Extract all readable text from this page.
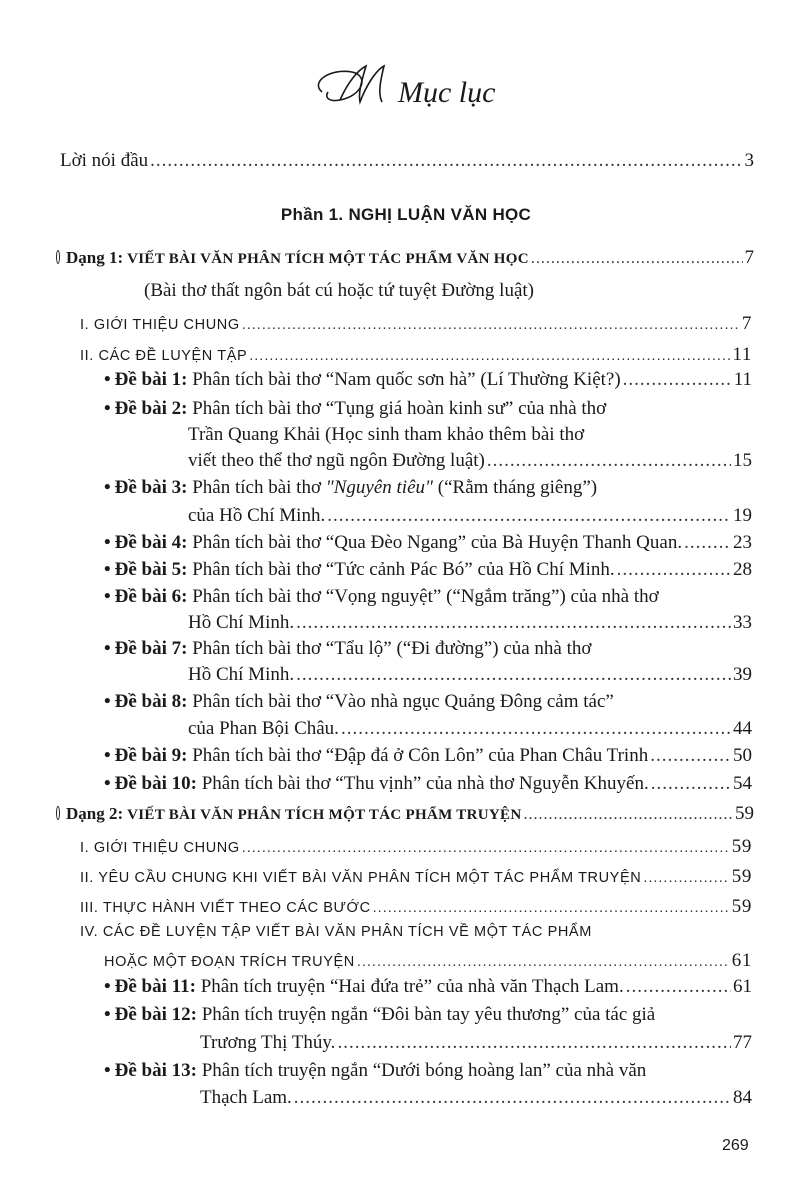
Mục lục
Lời nói đầu .....	3
Phần 1. NGHỊ LUẬN VĂN HỌC
Dạng 1: VIẾT BÀI VĂN PHÂN TÍCH MỘT TÁC PHẨM VĂN HỌC .....	7
(Bài thơ thất ngôn bát cú hoặc tứ tuyệt Đường luật)
I. GIỚI THIỆU CHUNG .....	7
II. CÁC ĐỀ LUYỆN TẬP .....	11
• Đề bài 1:
Phân tích bài thơ “Nam quốc sơn hà” (Lí Thường Kiệt?) .....	11
• Đề bài 2: Phân tích bài thơ “Tụng giá hoàn kinh sư” của nhà thơ
Trần Quang Khải (Học sinh tham khảo thêm bài thơ
viết theo thể thơ ngũ ngôn Đường luật) .....	15
• Đề bài 3: Phân tích bài thơ "Nguyên tiêu" (“Rằm tháng giêng”)
của Hồ Chí Minh. .....	19
• Đề bài 4:
Phân tích bài thơ “Qua Đèo Ngang” của Bà Huyện Thanh Quan. .....	23
• Đề bài 5:
Phân tích bài thơ “Tức cảnh Pác Bó” của Hồ Chí Minh. .....	28
• Đề bài 6: Phân tích bài thơ “Vọng nguyệt” (“Ngắm trăng”) của nhà thơ
Hồ Chí Minh. .....	33
• Đề bài 7: Phân tích bài thơ “Tẩu lộ” (“Đi đường”) của nhà thơ
Hồ Chí Minh. .....	39
• Đề bài 8: Phân tích bài thơ “Vào nhà ngục Quảng Đông cảm tác”
của Phan Bội Châu. .....	44
• Đề bài 9:
Phân tích bài thơ “Đập đá ở Côn Lôn” của Phan Châu Trinh .....	50
• Đề bài 10:
Phân tích bài thơ “Thu vịnh” của nhà thơ Nguyễn Khuyến. .....	54
Dạng 2: VIẾT BÀI VĂN PHÂN TÍCH MỘT TÁC PHẨM TRUYỆN .....	59
I. GIỚI THIỆU CHUNG .....	59
II. YÊU CẦU CHUNG KHI VIẾT BÀI VĂN PHÂN TÍCH MỘT TÁC PHẨM TRUYỆN .....	59
III. THỰC HÀNH VIẾT THEO CÁC BƯỚC .....	59
IV. CÁC ĐỀ LUYỆN TẬP VIẾT BÀI VĂN PHÂN TÍCH VỀ MỘT TÁC PHẨM
HOẶC MỘT ĐOẠN TRÍCH TRUYỆN .....	61
• Đề bài 11:
Phân tích truyện “Hai đứa trẻ” của nhà văn Thạch Lam. .....	61
• Đề bài 12: Phân tích truyện ngắn “Đôi bàn tay yêu thương” của tác giả
Trương Thị Thúy. .....	77
• Đề bài 13: Phân tích truyện ngắn “Dưới bóng hoàng lan” của nhà văn
Thạch Lam. .....	84
269
